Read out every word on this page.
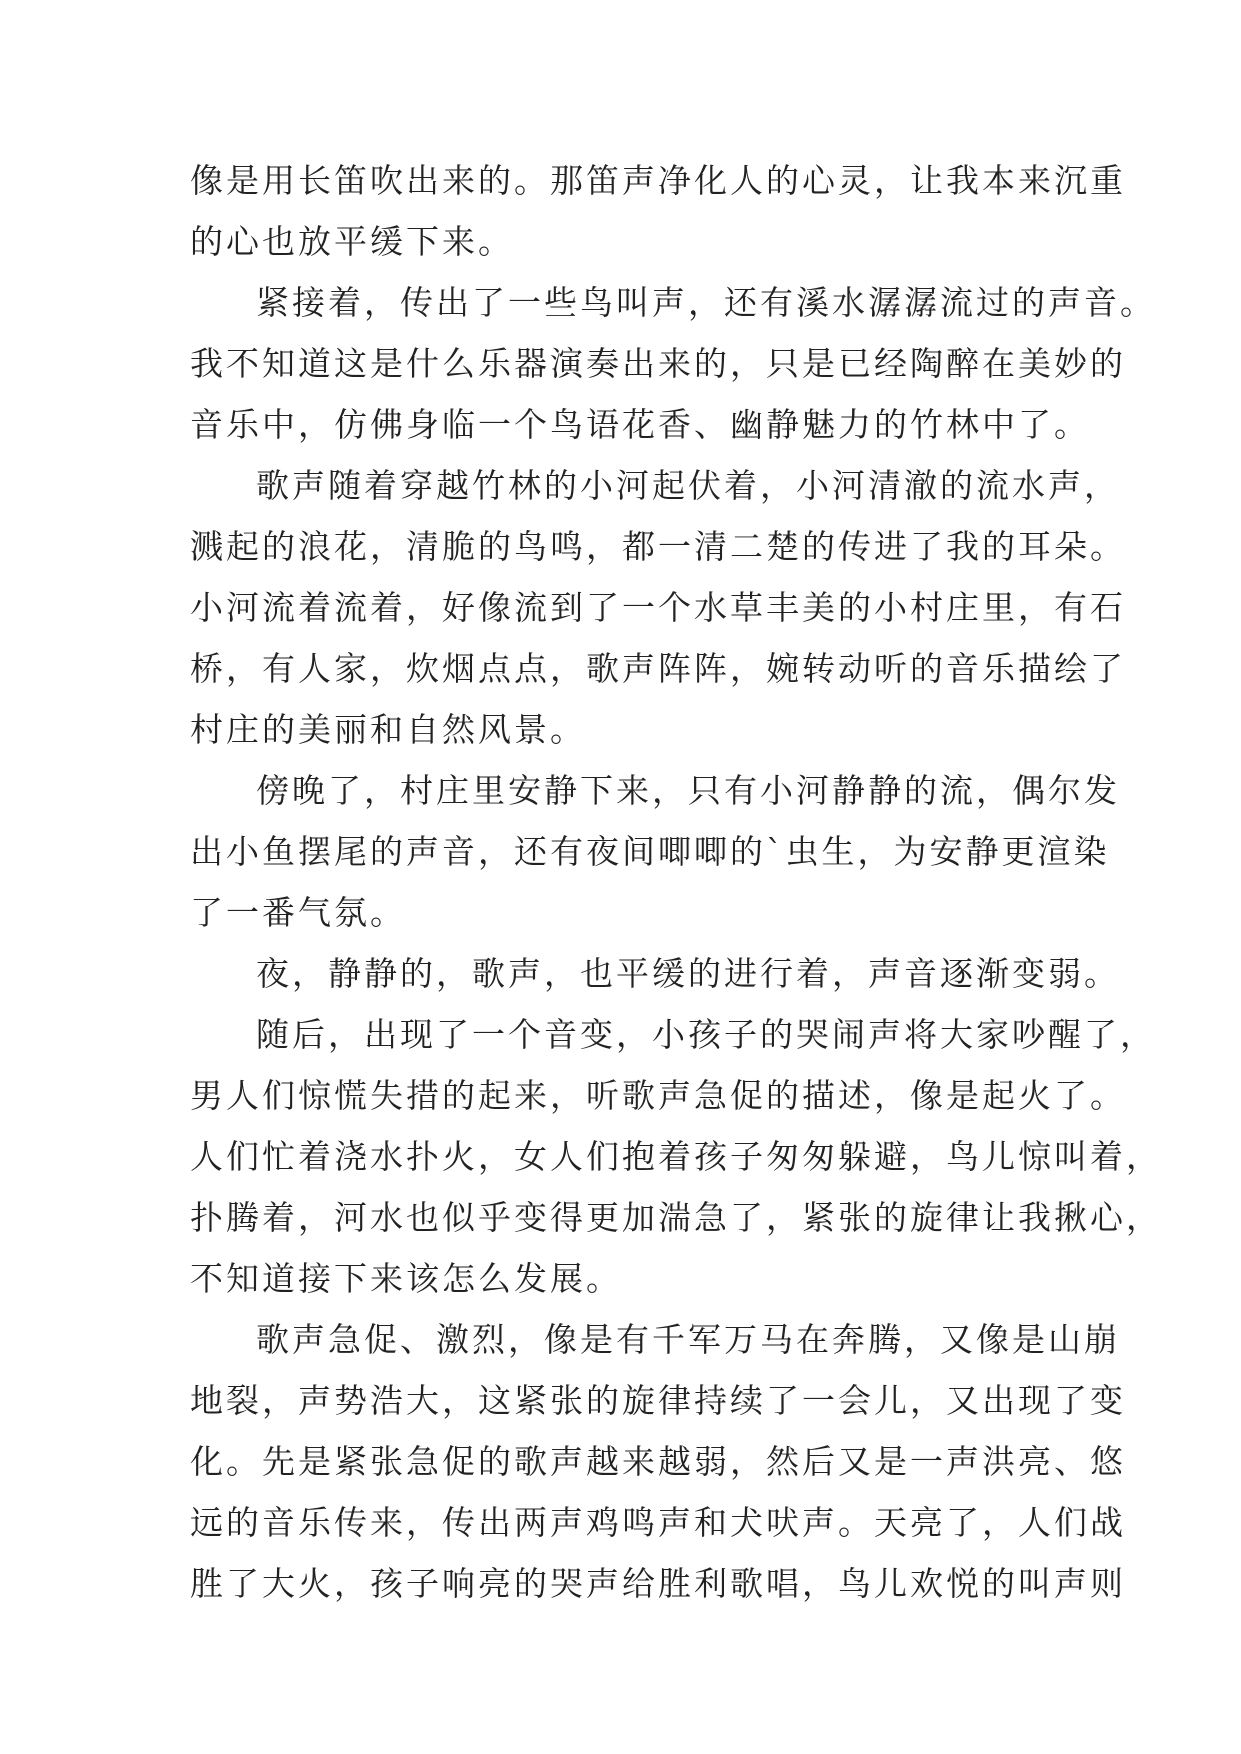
像是用长笛吹出来的。那笛声净化人的心灵，让我本来沉重
的心也放平缓下来。
紧接着，传出了一些鸟叫声，还有溪水潺潺流过的声音。
我不知道这是什么乐器演奏出来的，只是已经陶醉在美妙的
音乐中，仿佛身临一个鸟语花香、幽静魅力的竹林中了。
歌声随着穿越竹林的小河起伏着，小河清澈的流水声，
溅起的浪花，清脆的鸟鸣，都一清二楚的传进了我的耳朵。
小河流着流着，好像流到了一个水草丰美的小村庄里，有石
桥，有人家，炊烟点点，歌声阵阵，婉转动听的音乐描绘了
村庄的美丽和自然风景。
傍晚了，村庄里安静下来，只有小河静静的流，偶尔发
出小鱼摆尾的声音，还有夜间唧唧的`虫生，为安静更渲染
了一番气氛。
夜，静静的，歌声，也平缓的进行着，声音逐渐变弱。
随后，出现了一个音变，小孩子的哭闹声将大家吵醒了，
男人们惊慌失措的起来，听歌声急促的描述，像是起火了。
人们忙着浇水扑火，女人们抱着孩子匆匆躲避，鸟儿惊叫着，
扑腾着，河水也似乎变得更加湍急了，紧张的旋律让我揪心，
不知道接下来该怎么发展。
歌声急促、激烈，像是有千军万马在奔腾，又像是山崩
地裂，声势浩大，这紧张的旋律持续了一会儿，又出现了变
化。先是紧张急促的歌声越来越弱，然后又是一声洪亮、悠
远的音乐传来，传出两声鸡鸣声和犬吠声。天亮了，人们战
胜了大火，孩子响亮的哭声给胜利歌唱，鸟儿欢悦的叫声则
